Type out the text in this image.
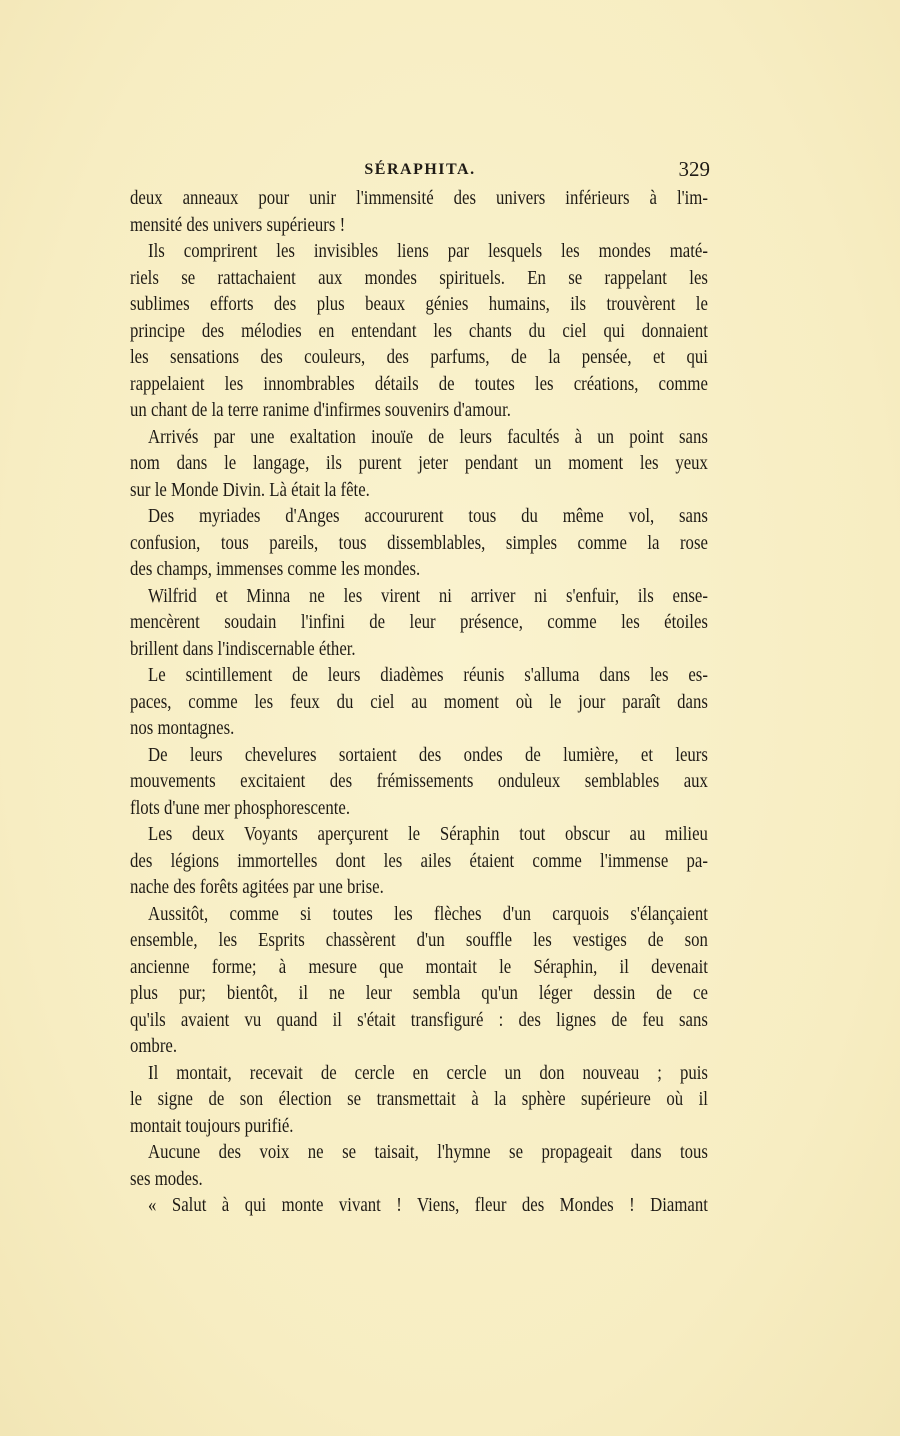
SÉRAPHITA.	329
deux anneaux pour unir l'immensité des univers inférieurs à l'im-
mensité des univers supérieurs !
Ils comprirent les invisibles liens par lesquels les mondes maté-
riels se rattachaient aux mondes spirituels. En se rappelant les
sublimes efforts des plus beaux génies humains, ils trouvèrent le
principe des mélodies en entendant les chants du ciel qui donnaient
les sensations des couleurs, des parfums, de la pensée, et qui
rappelaient les innombrables détails de toutes les créations, comme
un chant de la terre ranime d'infirmes souvenirs d'amour.
Arrivés par une exaltation inouïe de leurs facultés à un point sans
nom dans le langage, ils purent jeter pendant un moment les yeux
sur le Monde Divin. Là était la fête.
Des myriades d'Anges accoururent tous du même vol, sans
confusion, tous pareils, tous dissemblables, simples comme la rose
des champs, immenses comme les mondes.
Wilfrid et Minna ne les virent ni arriver ni s'enfuir, ils ense-
mencèrent soudain l'infini de leur présence, comme les étoiles
brillent dans l'indiscernable éther.
Le scintillement de leurs diadèmes réunis s'alluma dans les es-
paces, comme les feux du ciel au moment où le jour paraît dans
nos montagnes.
De leurs chevelures sortaient des ondes de lumière, et leurs
mouvements excitaient des frémissements onduleux semblables aux
flots d'une mer phosphorescente.
Les deux Voyants aperçurent le Séraphin tout obscur au milieu
des légions immortelles dont les ailes étaient comme l'immense pa-
nache des forêts agitées par une brise.
Aussitôt, comme si toutes les flèches d'un carquois s'élançaient
ensemble, les Esprits chassèrent d'un souffle les vestiges de son
ancienne forme; à mesure que montait le Séraphin, il devenait
plus pur; bientôt, il ne leur sembla qu'un léger dessin de ce
qu'ils avaient vu quand il s'était transfiguré : des lignes de feu sans
ombre.
Il montait, recevait de cercle en cercle un don nouveau ; puis
le signe de son élection se transmettait à la sphère supérieure où il
montait toujours purifié.
Aucune des voix ne se taisait, l'hymne se propageait dans tous
ses modes.
« Salut à qui monte vivant ! Viens, fleur des Mondes ! Diamant
